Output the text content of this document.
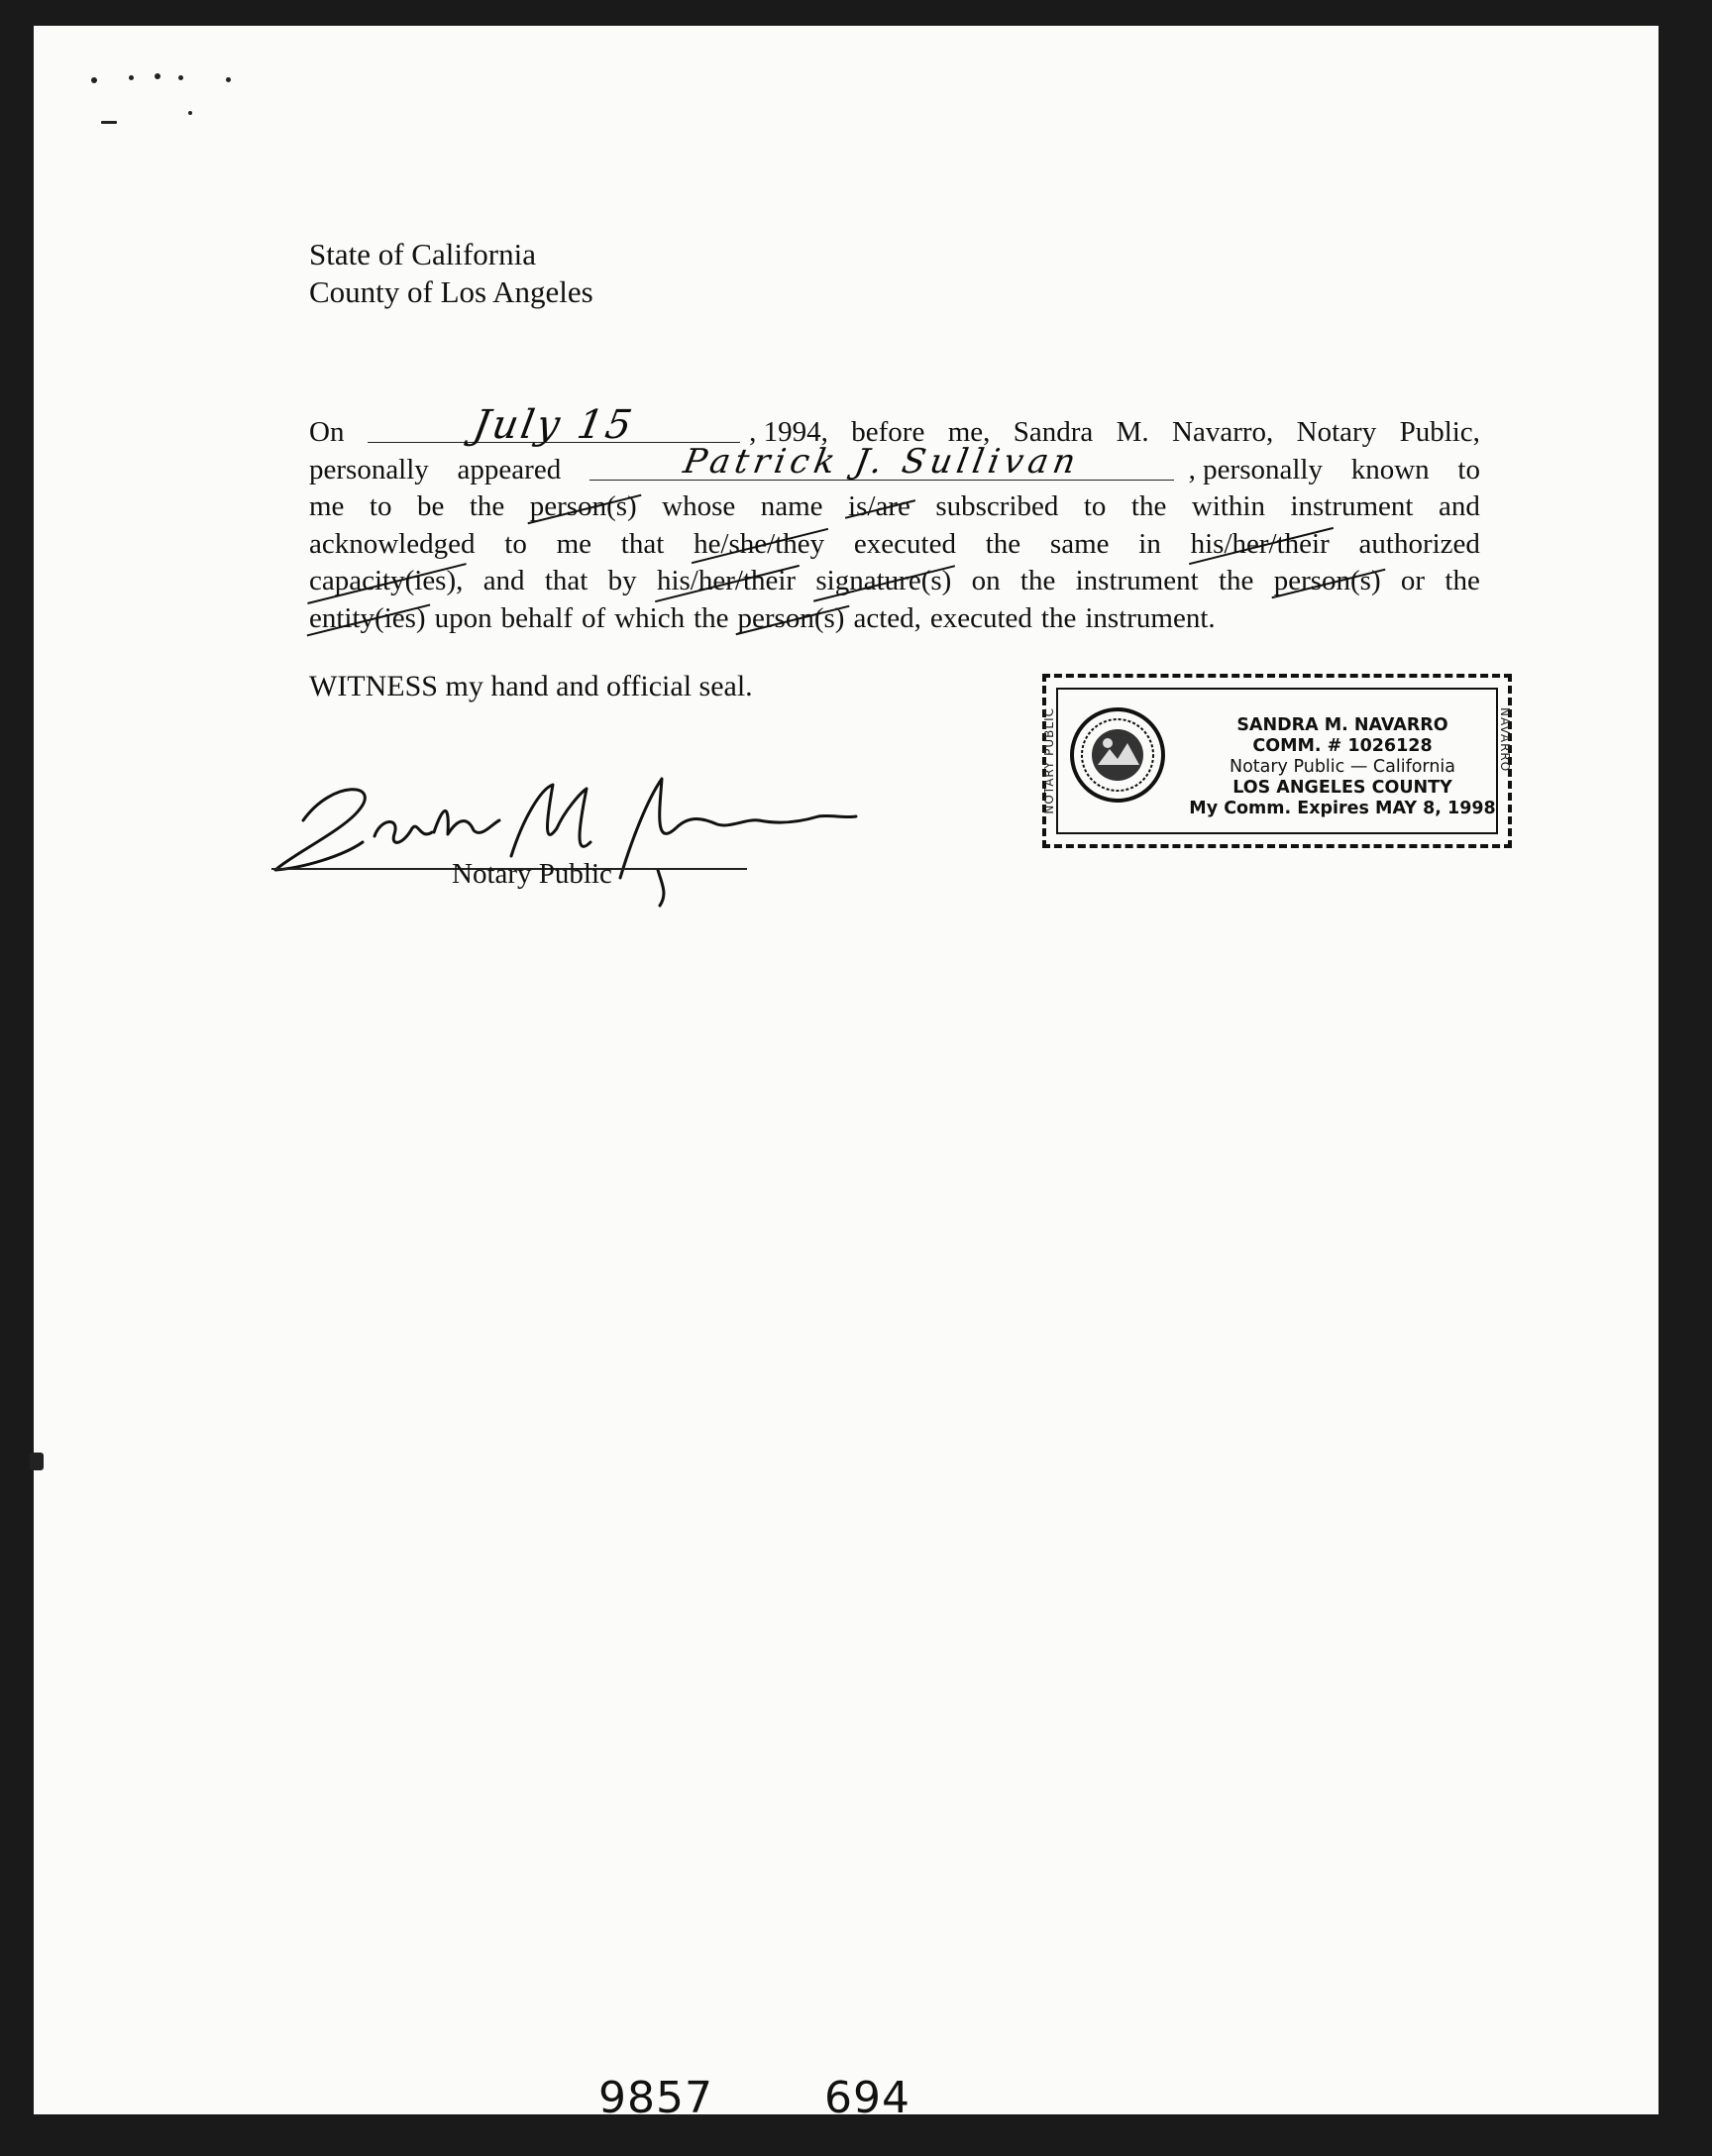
State of California
County of Los Angeles
On	July 15	, 1994, before me, Sandra M. Navarro, Notary Public,
personally appeared	Patrick J. Sullivan	, personally known to
me to be the person(s) whose name is/are subscribed to the within instrument and
acknowledged to me that he/she/they executed the same in his/her/their authorized
capacity(ies), and that by his/her/their signature(s) on the instrument the person(s) or the
entity(ies) upon behalf of which the person(s) acted, executed the instrument.
WITNESS my hand and official seal.
Notary Public
NOTARY PUBLIC	NAVARRO
SANDRA M. NAVARRO
COMM. # 1026128
Notary Public — California
LOS ANGELES COUNTY
My Comm. Expires MAY 8, 1998
9857	694
